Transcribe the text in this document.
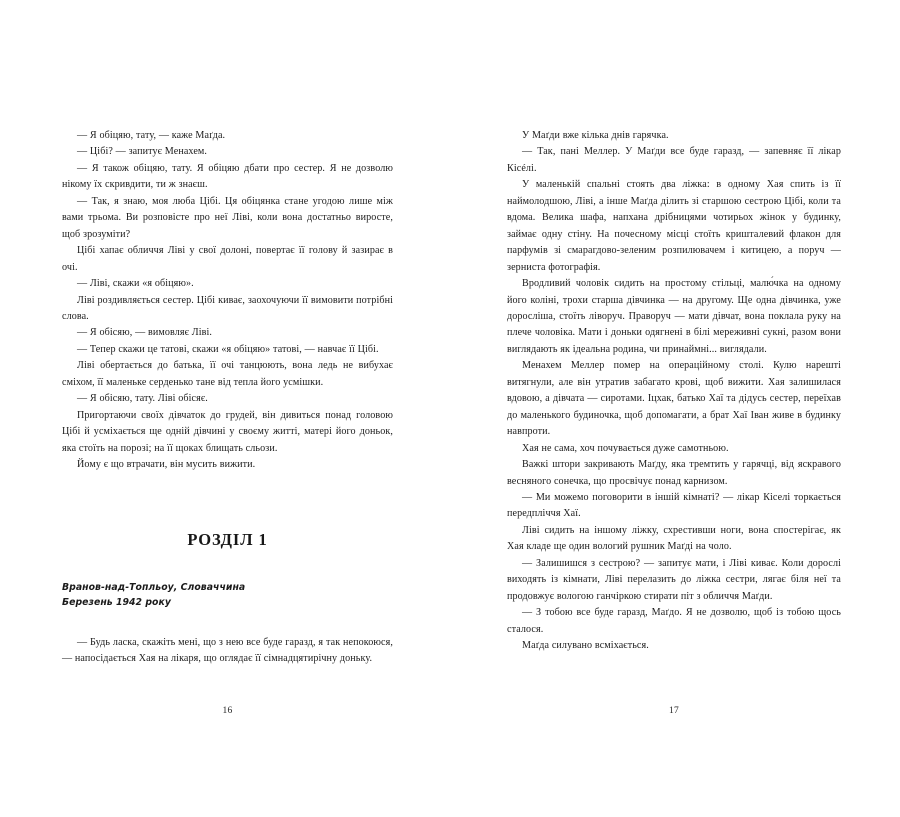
— Я обіцяю, тату, — каже Маґда.

— Цібі? — запитує Менахем.

— Я також обіцяю, тату. Я обіцяю дбати про сестер. Я не дозволю нікому їх скривдити, ти ж знаєш.

— Так, я знаю, моя люба Цібі. Ця обіцянка стане угодою лише між вами трьома. Ви розповісте про неї Ліві, коли вона достатньо виросте, щоб зрозуміти?

Цібі хапає обличчя Ліві у свої долоні, повертає її голову й зазирає в очі.

— Ліві, скажи «я обіцяю».

Ліві роздивляється сестер. Цібі киває, заохочуючи її вимовити потрібні слова.

— Я обісяю, — вимовляє Ліві.

— Тепер скажи це татові, скажи «я обіцяю» татові, — навчає її Цібі.

Ліві обертається до батька, її очі танцюють, вона ледь не вибухає сміхом, її маленьке серденько тане від тепла його усмішки.

— Я обісяю, тату. Ліві обісяє.

Пригортаючи своїх дівчаток до грудей, він дивиться понад головою Цібі й усміхається ще одній дівчині у своєму житті, матері його доньок, яка стоїть на порозі; на її щоках блищать сльози.

Йому є що втрачати, він мусить вижити.

РОЗДІЛ 1
Вранов-над-Топльоу, Словаччина
Березень 1942 року

— Будь ласка, скажіть мені, що з нею все буде гаразд, я так непокоюся, — напосідається Хая на лікаря, що оглядає її сімнадцятирічну доньку.

16

У Маґди вже кілька днів гарячка.

— Так, пані Меллер. У Маґди все буде гаразд, — запевняє її лікар Кісéлі.

У маленькій спальні стоять два ліжка: в одному Хая спить із її наймолодшою, Ліві, а інше Маґда ділить зі старшою сестрою Цібі, коли та вдома. Велика шафа, напхана дрібницями чотирьох жінок у будинку, займає одну стіну. На почесному місці стоїть кришталевий флакон для парфумів зі смарагдово-зеленим розпилювачем і китицею, а поруч — зерниста фотографія.

Вродливий чоловік сидить на простому стільці, малю́чка на одному його коліні, трохи старша дівчинка — на другому. Ще одна дівчинка, уже дорослішa, стоїть ліворуч. Праворуч — мати дівчат, вона поклала руку на плече чоловіка. Мати і доньки одягнені в білі мереживні сукні, разом вони виглядають як ідеальна родина, чи принаймні... виглядали.

Менахем Меллер помер на операційному столі. Кулю нарешті витягнули, але він утратив забагато крові, щоб вижити. Хая залишилася вдовою, а дівчата — сиротами. Іцхак, батько Хаї та дідусь сестер, переїхав до маленького будиночка, щоб допомагати, а брат Хаї Іван живе в будинку навпроти.

Хая не сама, хоч почувається дуже самотньою.

Важкі штори закривають Маґду, яка тремтить у гарячці, від яскравого весняного сонечка, що просвічує понад карнизом.

— Ми можемо поговорити в іншій кімнаті? — лікар Кіселі торкається передпліччя Хаї.

Ліві сидить на іншому ліжку, схрестивши ноги, вона спостерігає, як Хая кладе ще один вологий рушник Маґді на чоло.

— Залишишся з сестрою? — запитує мати, і Ліві киває. Коли дорослі виходять із кімнати, Ліві перелазить до ліжка сестри, лягає біля неї та продовжує вологою ганчіркою стирати піт з обличчя Маґди.

— З тобою все буде гаразд, Маґдо. Я не дозволю, щоб із тобою щось сталося.

Маґда силувано всміхається.

17
